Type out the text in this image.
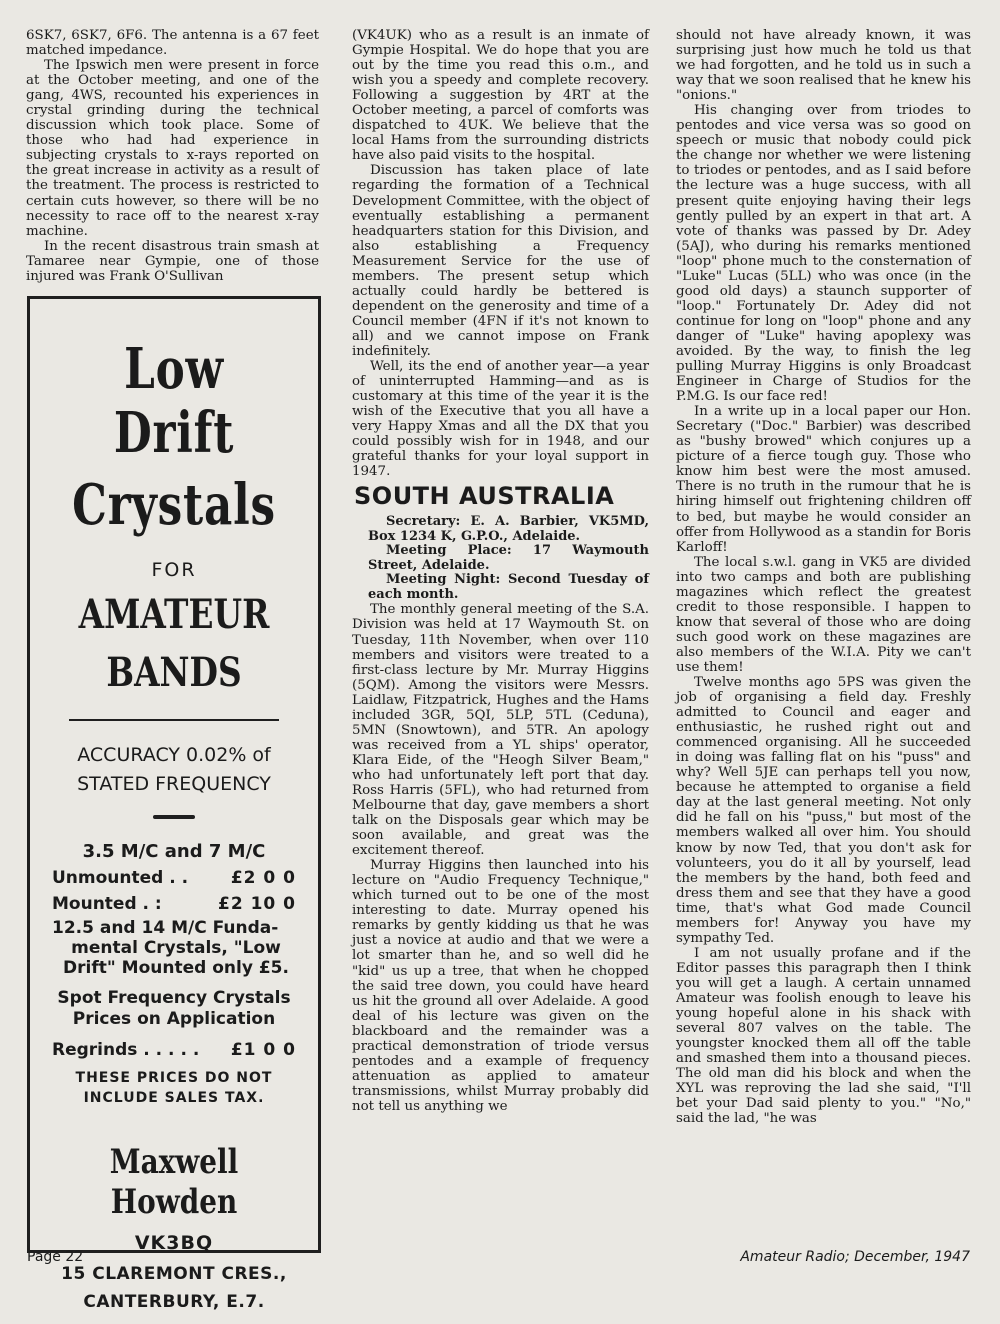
6SK7, 6SK7, 6F6. The antenna is a 67 feet matched impedance.

The Ipswich men were present in force at the October meeting, and one of the gang, 4WS, recounted his experiences in crystal grinding during the technical discussion which took place. Some of those who had had experience in subjecting crystals to x-rays reported on the great increase in activity as a result of the treatment. The process is restricted to certain cuts however, so there will be no necessity to race off to the nearest x-ray machine.

In the recent disastrous train smash at Tamaree near Gympie, one of those injured was Frank O'Sullivan

Low Drift
Crystals
FOR
AMATEUR
BANDS
ACCURACY 0.02% of
STATED FREQUENCY
3.5 M/C and 7 M/C
Unmounted . .	£2 0 0
Mounted . :	£2 10 0
12.5 and 14 M/C Funda-
mental Crystals, "Low
Drift" Mounted only £5.
Spot Frequency Crystals
Prices on Application
Regrinds . . . . . £1 0 0
THESE PRICES DO NOT
INCLUDE SALES TAX.
Maxwell Howden
VK3BQ
15 CLAREMONT CRES.,
CANTERBURY, E.7.

(VK4UK) who as a result is an inmate of Gympie Hospital. We do hope that you are out by the time you read this o.m., and wish you a speedy and complete recovery. Following a suggestion by 4RT at the October meeting, a parcel of comforts was dispatched to 4UK. We believe that the local Hams from the surrounding districts have also paid visits to the hospital.

Discussion has taken place of late regarding the formation of a Technical Development Committee, with the object of eventually establishing a permanent headquarters station for this Division, and also establishing a Frequency Measurement Service for the use of members. The present setup which actually could hardly be bettered is dependent on the generosity and time of a Council member (4FN if it's not known to all) and we cannot impose on Frank indefinitely.

Well, its the end of another year—a year of uninterrupted Hamming—and as is customary at this time of the year it is the wish of the Executive that you all have a very Happy Xmas and all the DX that you could possibly wish for in 1948, and our grateful thanks for your loyal support in 1947.

SOUTH AUSTRALIA

Secretary: E. A. Barbier, VK5MD, Box 1234 K, G.P.O., Adelaide.

Meeting Place: 17 Waymouth Street, Adelaide.

Meeting Night: Second Tuesday of each month.

The monthly general meeting of the S.A. Division was held at 17 Waymouth St. on Tuesday, 11th November, when over 110 members and visitors were treated to a first-class lecture by Mr. Murray Higgins (5QM). Among the visitors were Messrs. Laidlaw, Fitzpatrick, Hughes and the Hams included 3GR, 5QI, 5LP, 5TL (Ceduna), 5MN (Snowtown), and 5TR. An apology was received from a YL ships' operator, Klara Eide, of the "Heogh Silver Beam," who had unfortunately left port that day. Ross Harris (5FL), who had returned from Melbourne that day, gave members a short talk on the Disposals gear which may be soon available, and great was the excitement thereof.

Murray Higgins then launched into his lecture on "Audio Frequency Technique," which turned out to be one of the most interesting to date. Murray opened his remarks by gently kidding us that he was just a novice at audio and that we were a lot smarter than he, and so well did he "kid" us up a tree, that when he chopped the said tree down, you could have heard us hit the ground all over Adelaide. A good deal of his lecture was given on the blackboard and the remainder was a practical demonstration of triode versus pentodes and a example of frequency attenuation as applied to amateur transmissions, whilst Murray probably did not tell us anything we

should not have already known, it was surprising just how much he told us that we had forgotten, and he told us in such a way that we soon realised that he knew his "onions."

His changing over from triodes to pentodes and vice versa was so good on speech or music that nobody could pick the change nor whether we were listening to triodes or pentodes, and as I said before the lecture was a huge success, with all present quite enjoying having their legs gently pulled by an expert in that art. A vote of thanks was passed by Dr. Adey (5AJ), who during his remarks mentioned "loop" phone much to the consternation of "Luke" Lucas (5LL) who was once (in the good old days) a staunch supporter of "loop." Fortunately Dr. Adey did not continue for long on "loop" phone and any danger of "Luke" having apoplexy was avoided. By the way, to finish the leg pulling Murray Higgins is only Broadcast Engineer in Charge of Studios for the P.M.G. Is our face red!

In a write up in a local paper our Hon. Secretary ("Doc." Barbier) was described as "bushy browed" which conjures up a picture of a fierce tough guy. Those who know him best were the most amused. There is no truth in the rumour that he is hiring himself out frightening children off to bed, but maybe he would consider an offer from Hollywood as a standin for Boris Karloff!

The local s.w.l. gang in VK5 are divided into two camps and both are publishing magazines which reflect the greatest credit to those responsible. I happen to know that several of those who are doing such good work on these magazines are also members of the W.I.A. Pity we can't use them!

Twelve months ago 5PS was given the job of organising a field day. Freshly admitted to Council and eager and enthusiastic, he rushed right out and commenced organising. All he succeeded in doing was falling flat on his "puss" and why? Well 5JE can perhaps tell you now, because he attempted to organise a field day at the last general meeting. Not only did he fall on his "puss," but most of the members walked all over him. You should know by now Ted, that you don't ask for volunteers, you do it all by yourself, lead the members by the hand, both feed and dress them and see that they have a good time, that's what God made Council members for! Anyway you have my sympathy Ted.

I am not usually profane and if the Editor passes this paragraph then I think you will get a laugh. A certain unnamed Amateur was foolish enough to leave his young hopeful alone in his shack with several 807 valves on the table. The youngster knocked them all off the table and smashed them into a thousand pieces. The old man did his block and when the XYL was reproving the lad she said, "I'll bet your Dad said plenty to you." "No," said the lad, "he was

Page 22	Amateur Radio; December, 1947
